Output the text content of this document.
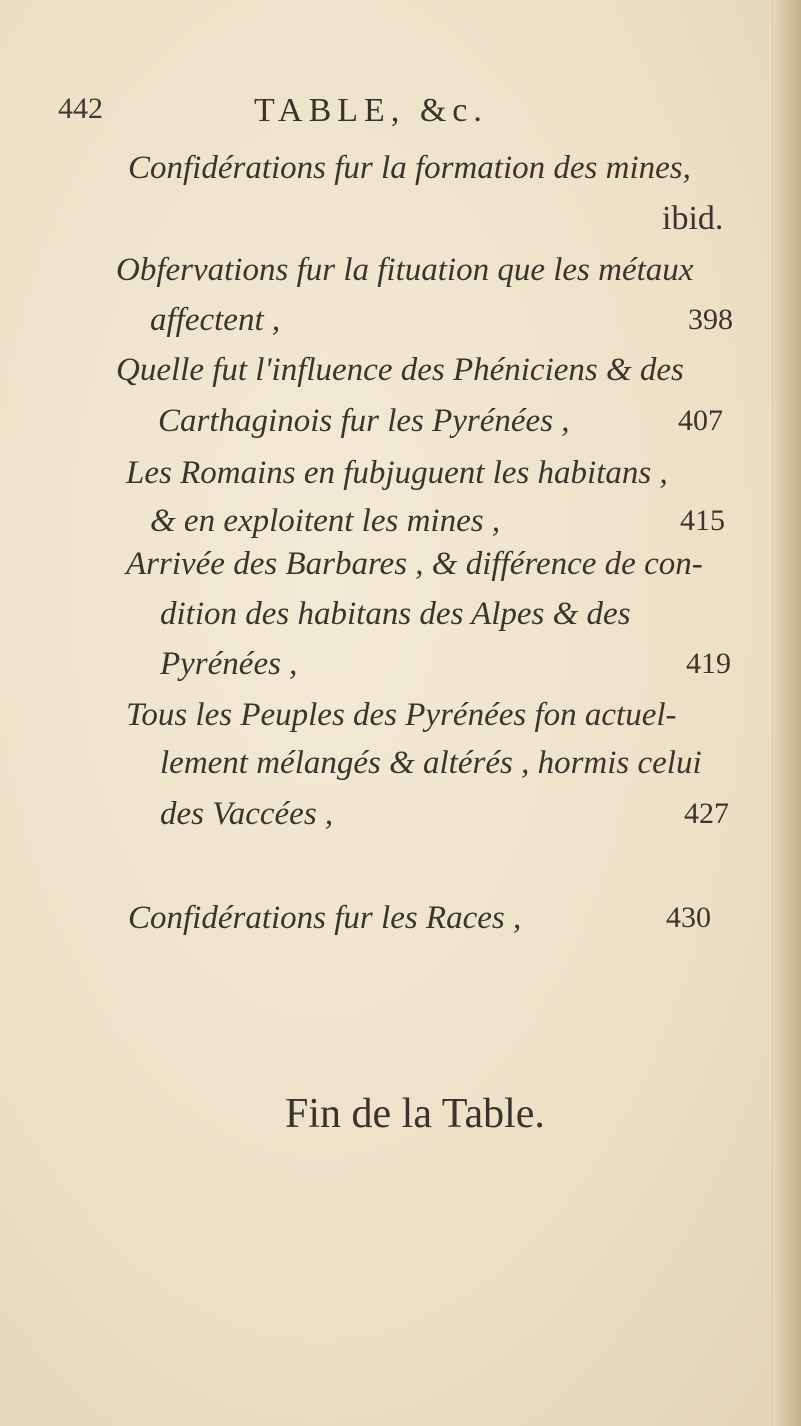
442	TABLE, &c.
Confidérations fur la formation des mines,
ibid.
Obfervations fur la fituation que les métaux
affectent ,	398
Quelle fut l'influence des Phéniciens & des
Carthaginois fur les Pyrénées ,	407
Les Romains en fubjuguent les habitans ,
& en exploitent les mines ,	415
Arrivée des Barbares , & différence de con-
dition des habitans des Alpes & des
Pyrénées ,	419
Tous les Peuples des Pyrénées fon actuel-
lement mélangés & altérés , hormis celui
des Vaccées ,	427
Confidérations fur les Races ,	430
Fin de la Table.
